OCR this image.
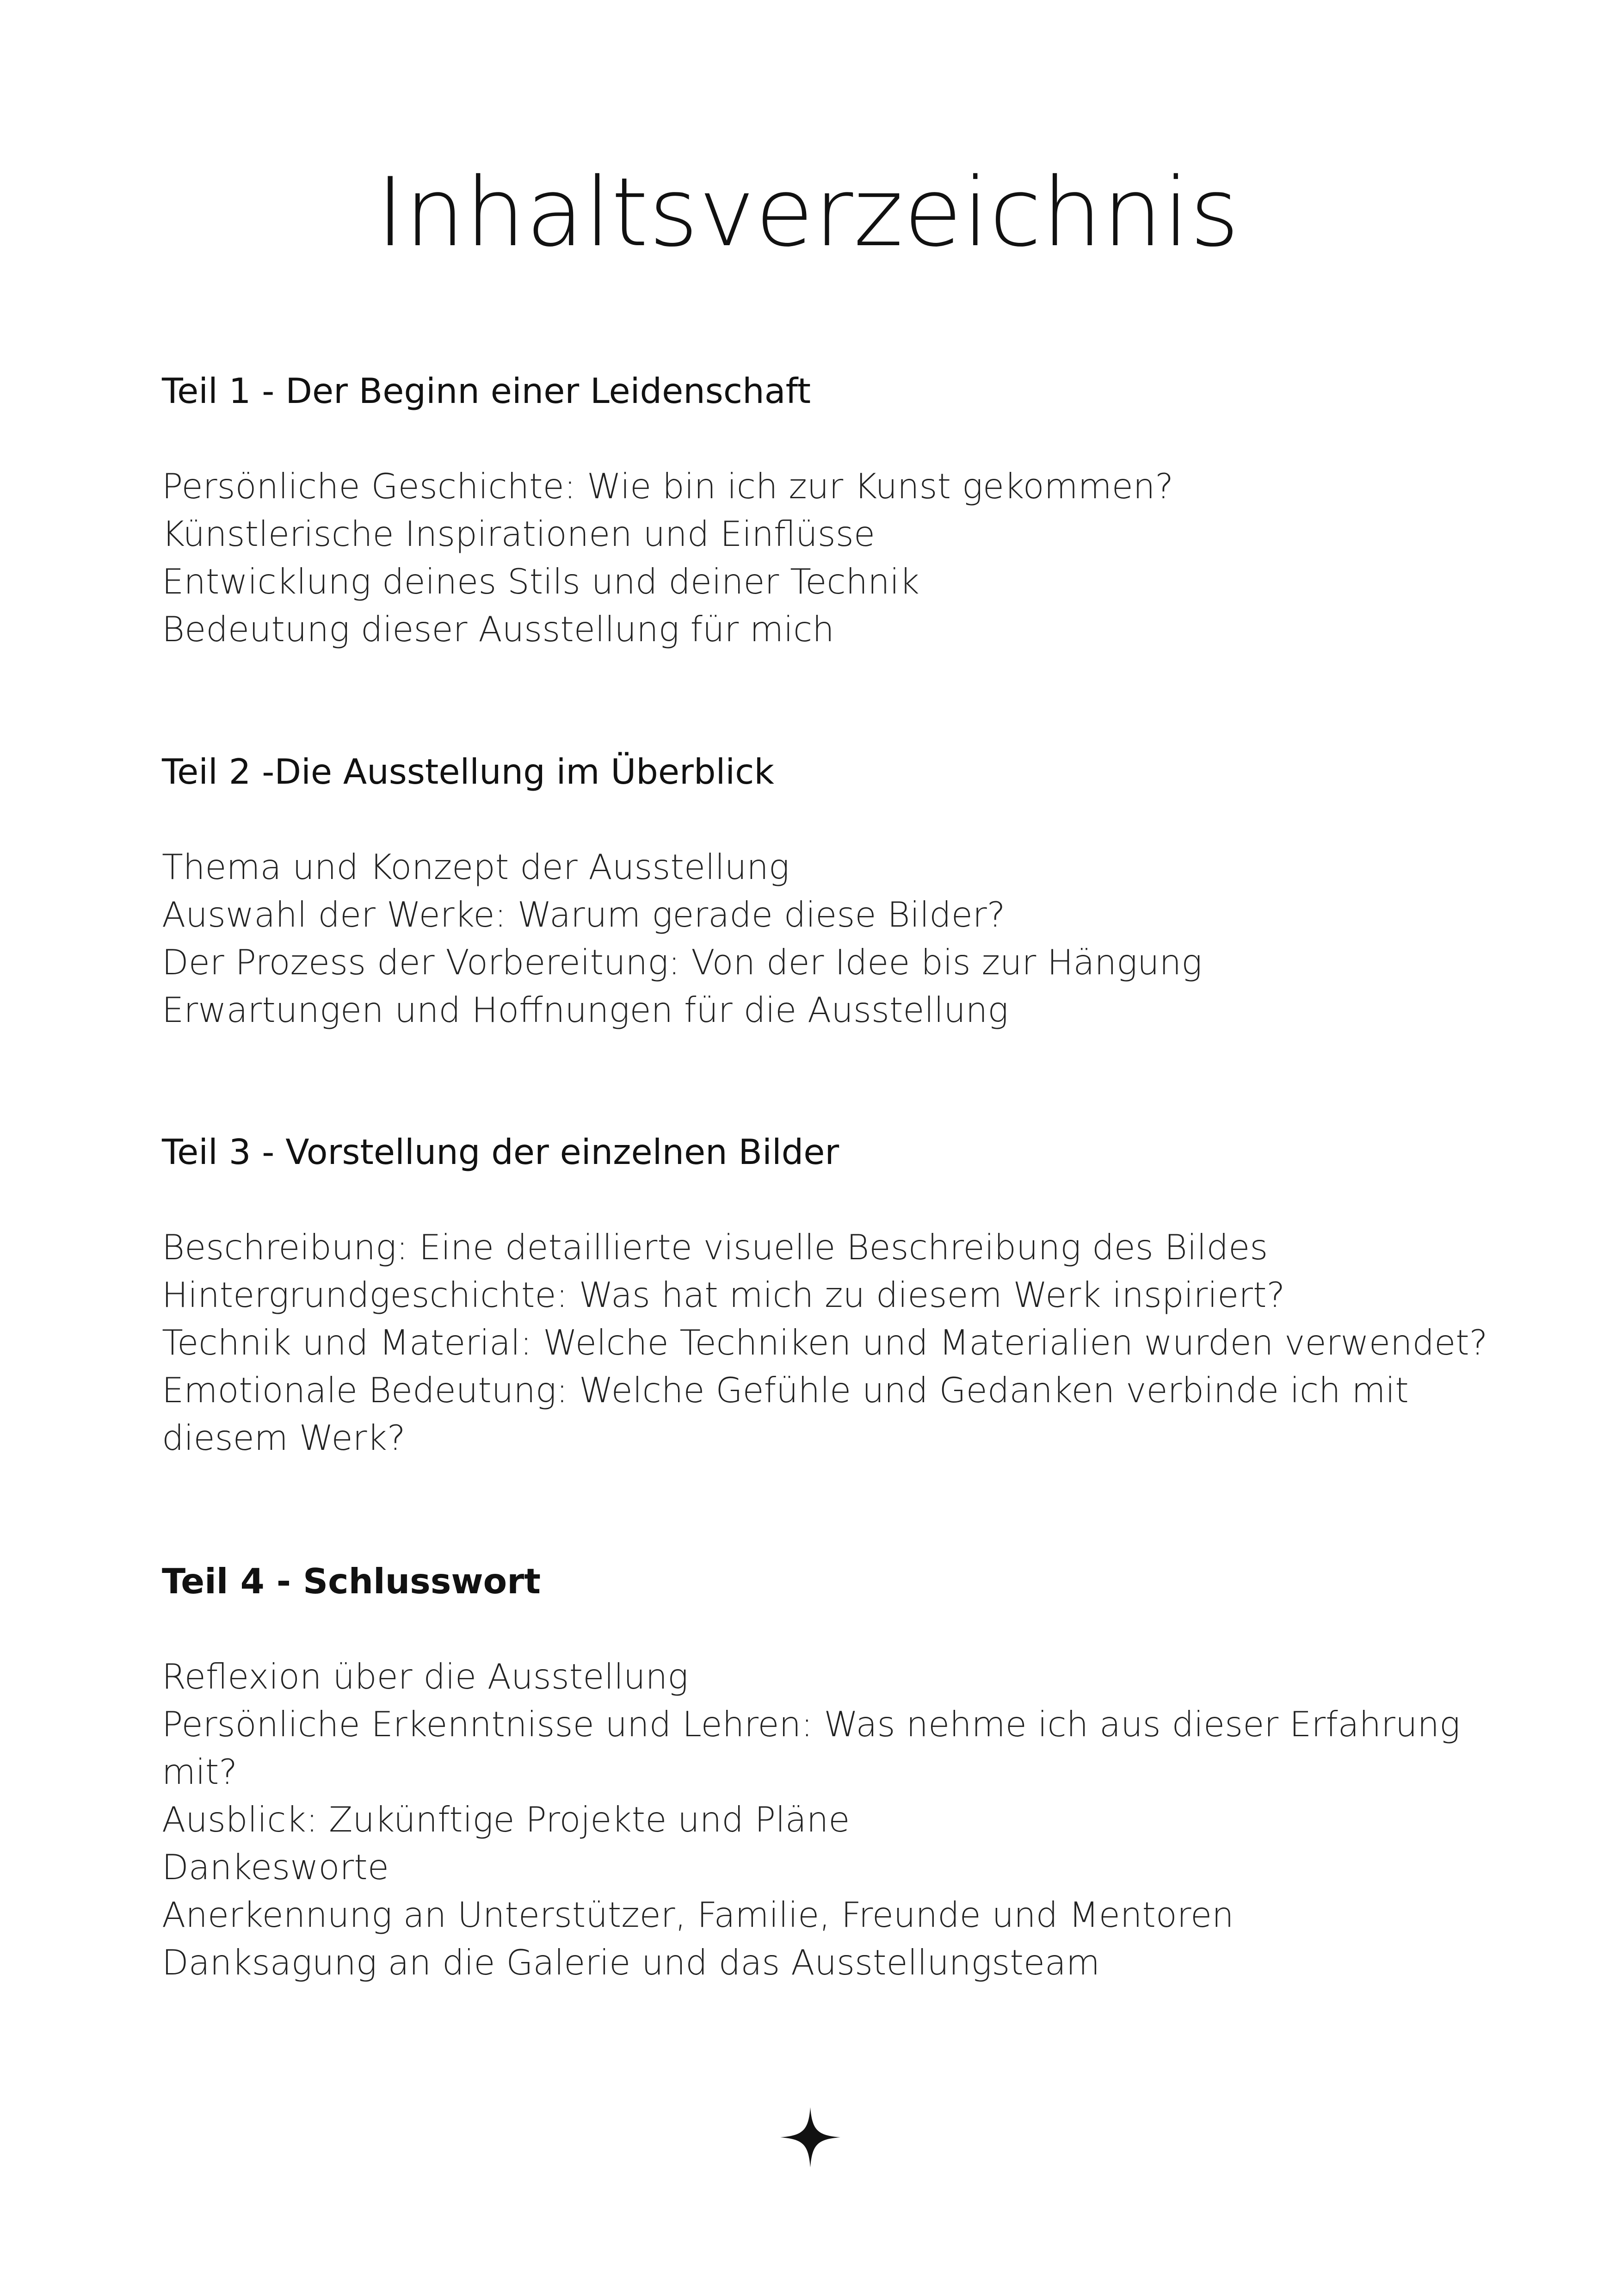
Inhaltsverzeichnis
Teil 1 - Der Beginn einer Leidenschaft
Persönliche Geschichte: Wie bin ich zur Kunst gekommen?
Künstlerische Inspirationen und Einflüsse
Entwicklung deines Stils und deiner Technik
Bedeutung dieser Ausstellung für mich
Teil 2 -Die Ausstellung im Überblick
Thema und Konzept der Ausstellung
Auswahl der Werke: Warum gerade diese Bilder?
Der Prozess der Vorbereitung: Von der Idee bis zur Hängung
Erwartungen und Hoffnungen für die Ausstellung
Teil 3 - Vorstellung der einzelnen Bilder
Beschreibung: Eine detaillierte visuelle Beschreibung des Bildes
Hintergrundgeschichte: Was hat mich zu diesem Werk inspiriert?
Technik und Material: Welche Techniken und Materialien wurden verwendet?
Emotionale Bedeutung: Welche Gefühle und Gedanken verbinde ich mit diesem Werk?
Teil 4 - Schlusswort
Reflexion über die Ausstellung
Persönliche Erkenntnisse und Lehren: Was nehme ich aus dieser Erfahrung mit?
Ausblick: Zukünftige Projekte und Pläne
Dankesworte
Anerkennung an Unterstützer, Familie, Freunde und Mentoren
Danksagung an die Galerie und das Ausstellungsteam
